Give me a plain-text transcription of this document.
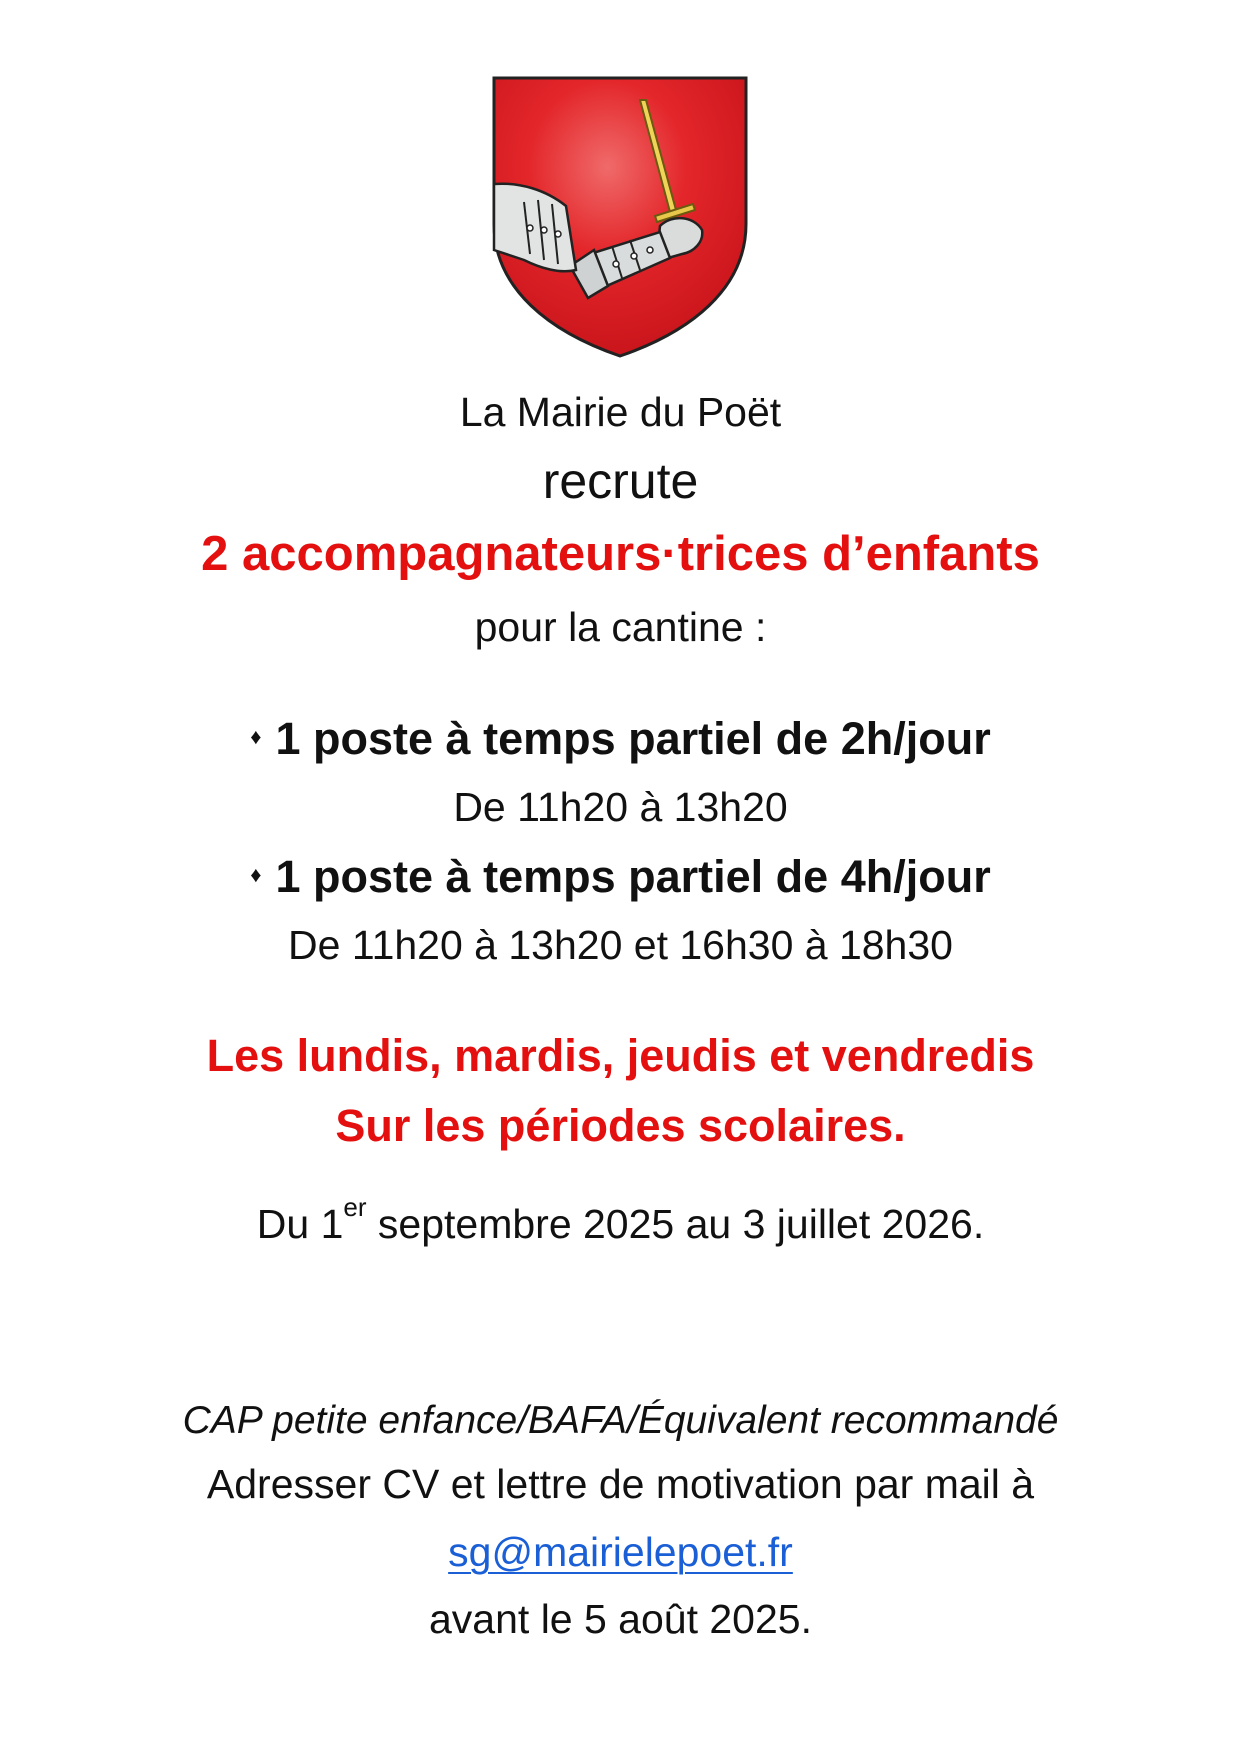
La Mairie du Poët
recrute
2 accompagnateurs·trices d’enfants
pour la cantine :
♦ 1 poste à temps partiel de 2h/jour
De 11h20 à 13h20
♦ 1 poste à temps partiel de 4h/jour
De 11h20 à 13h20 et 16h30 à 18h30
Les lundis, mardis, jeudis et vendredis
Sur les périodes scolaires.
Du 1er septembre 2025 au 3 juillet 2026.
CAP petite enfance/BAFA/Équivalent recommandé
Adresser CV et lettre de motivation par mail à
sg@mairielepoet.fr
avant le 5 août 2025.
